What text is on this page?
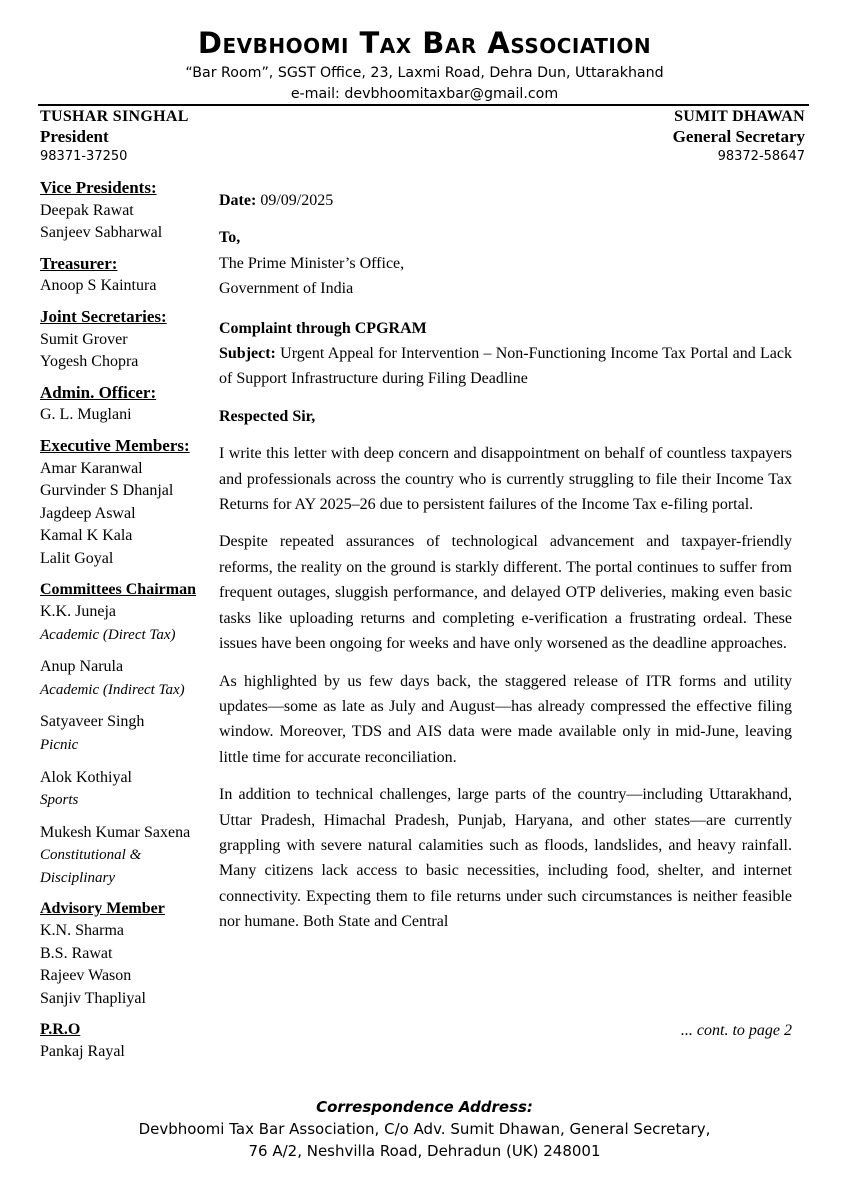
Devbhoomi Tax Bar Association
“Bar Room”, SGST Office, 23, Laxmi Road, Dehra Dun, Uttarakhand
e-mail: devbhoomitaxbar@gmail.com
TUSHAR SINGHAL
President
98371-37250
SUMIT DHAWAN
General Secretary
98372-58647
Vice Presidents:
Deepak Rawat
Sanjeev Sabharwal
Treasurer:
Anoop S Kaintura
Joint Secretaries:
Sumit Grover
Yogesh Chopra
Admin. Officer:
G. L. Muglani
Executive Members:
Amar Karanwal
Gurvinder S Dhanjal
Jagdeep Aswal
Kamal K Kala
Lalit Goyal
Committees Chairman
K.K. Juneja
Academic (Direct Tax)
Anup Narula
Academic (Indirect Tax)
Satyaveer Singh
Picnic
Alok Kothiyal
Sports
Mukesh Kumar Saxena
Constitutional &
Disciplinary
Advisory Member
K.N. Sharma
B.S. Rawat
Rajeev Wason
Sanjiv Thapliyal
P.R.O
Pankaj Rayal
Date: 09/09/2025
To,
The Prime Minister’s Office,
Government of India
Complaint through CPGRAM
Subject: Urgent Appeal for Intervention – Non-Functioning Income Tax Portal and Lack of Support Infrastructure during Filing Deadline
Respected Sir,

I write this letter with deep concern and disappointment on behalf of countless taxpayers and professionals across the country who is currently struggling to file their Income Tax Returns for AY 2025–26 due to persistent failures of the Income Tax e-filing portal.

Despite repeated assurances of technological advancement and taxpayer-friendly reforms, the reality on the ground is starkly different. The portal continues to suffer from frequent outages, sluggish performance, and delayed OTP deliveries, making even basic tasks like uploading returns and completing e-verification a frustrating ordeal. These issues have been ongoing for weeks and have only worsened as the deadline approaches.

As highlighted by us few days back, the staggered release of ITR forms and utility updates—some as late as July and August—has already compressed the effective filing window. Moreover, TDS and AIS data were made available only in mid-June, leaving little time for accurate reconciliation.

In addition to technical challenges, large parts of the country—including Uttarakhand, Uttar Pradesh, Himachal Pradesh, Punjab, Haryana, and other states—are currently grappling with severe natural calamities such as floods, landslides, and heavy rainfall. Many citizens lack access to basic necessities, including food, shelter, and internet connectivity. Expecting them to file returns under such circumstances is neither feasible nor humane. Both State and Central

... cont. to page 2
Correspondence Address:
Devbhoomi Tax Bar Association, C/o Adv. Sumit Dhawan, General Secretary,
76 A/2, Neshvilla Road, Dehradun (UK) 248001
